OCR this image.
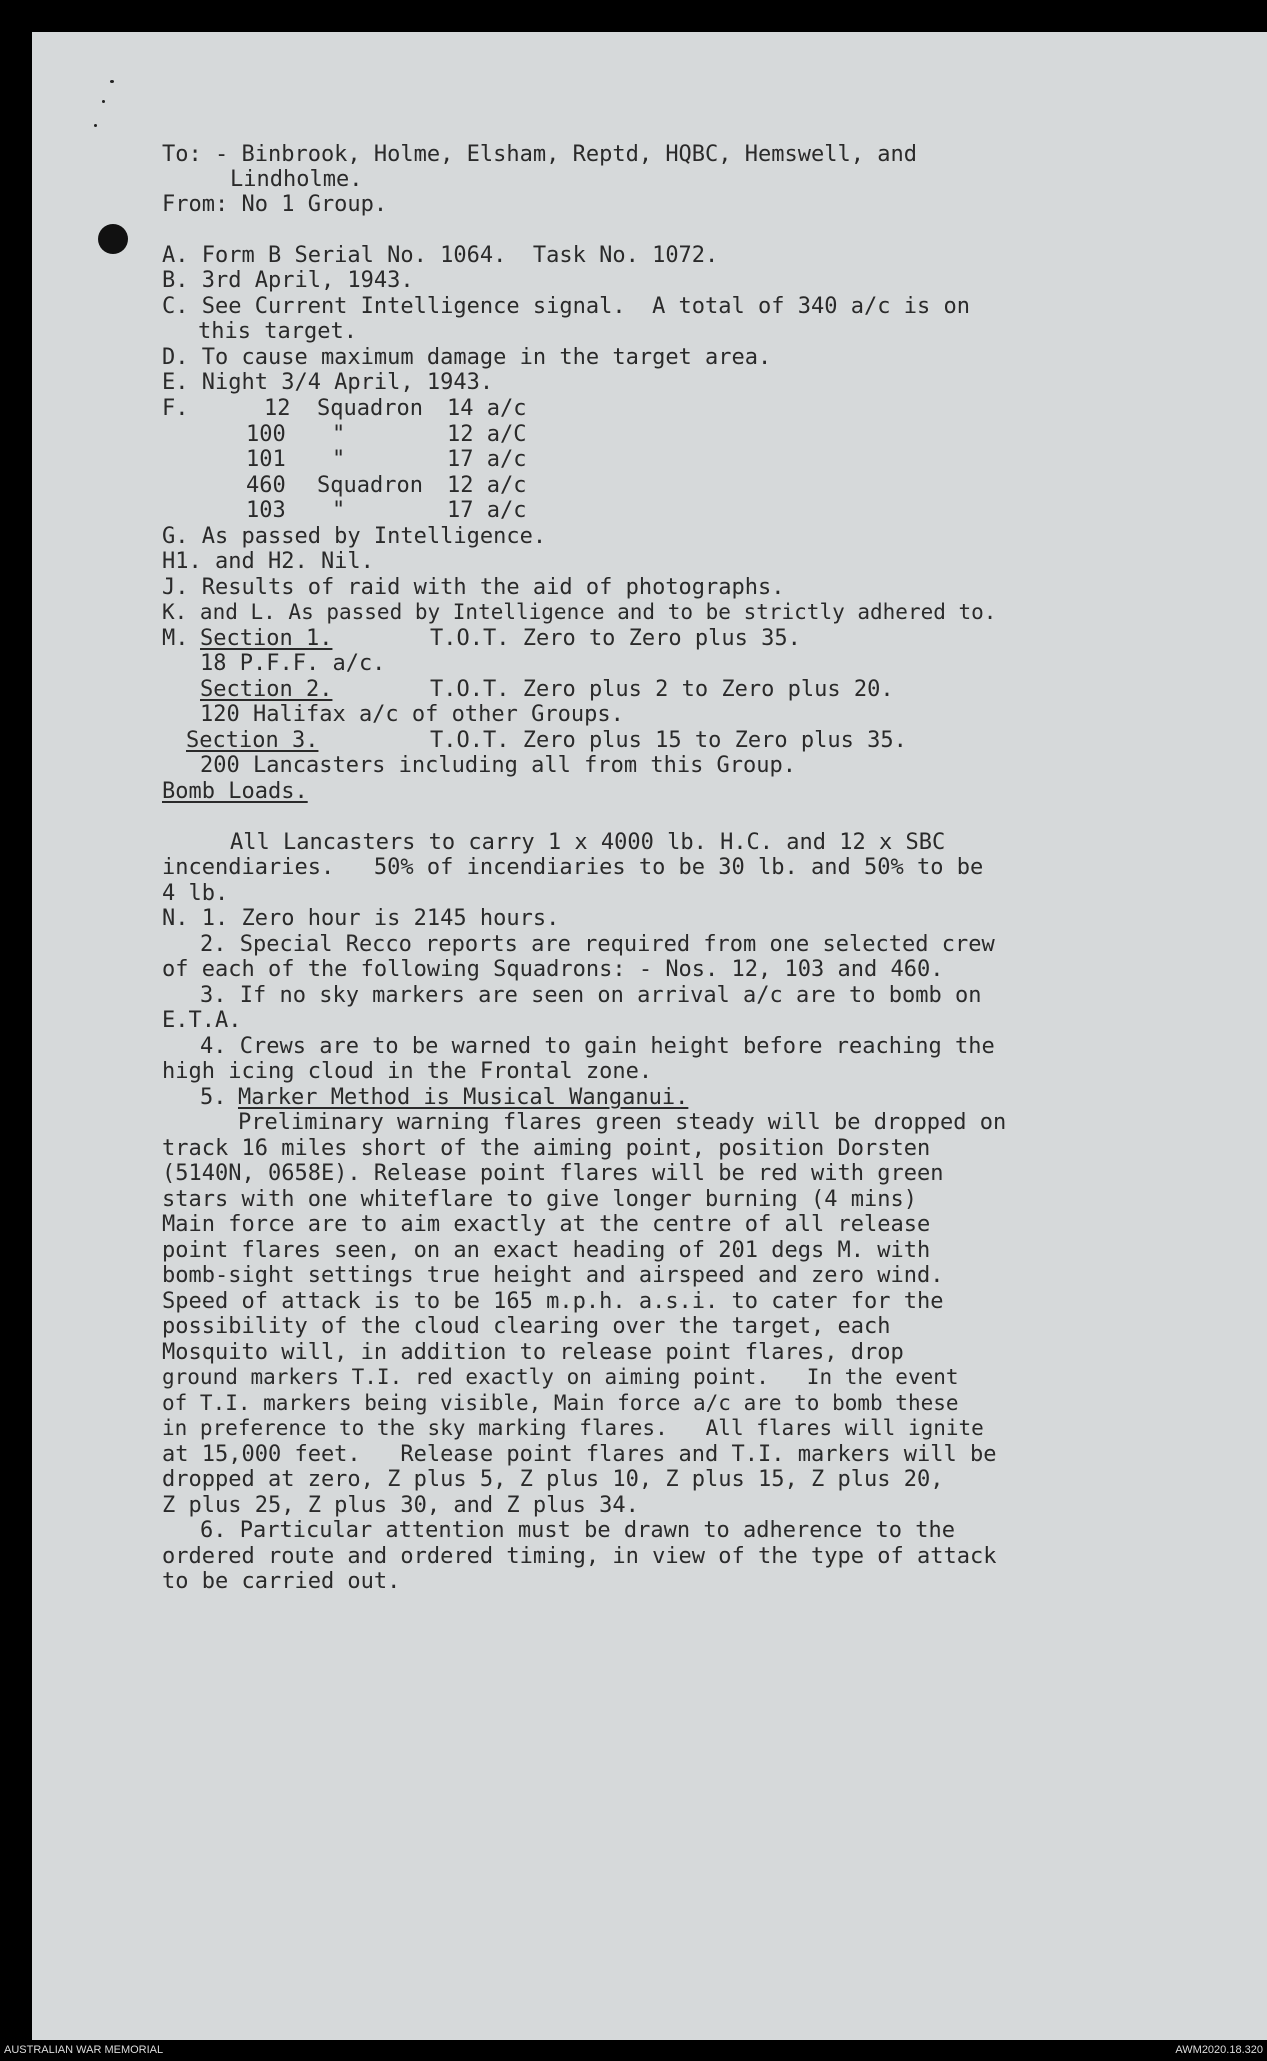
To: - Binbrook, Holme, Elsham, Reptd, HQBC, Hemswell, and
Lindholme.
From: No 1 Group.
A. Form B Serial No. 1064.  Task No. 1072.
B. 3rd April, 1943.
C. See Current Intelligence signal.  A total of 340 a/c is on
this target.
D. To cause maximum damage in the target area.
E. Night 3/4 April, 1943.
F.	12 Squadron 14 a/c
100 "	12 a/C
101 "	17 a/c
460 Squadron 12 a/c
103 "	17 a/c
G. As passed by Intelligence.
H1. and H2. Nil.
J. Results of raid with the aid of photographs.
K. and L. As passed by Intelligence and to be strictly adhered to.
M. Section 1.	T.O.T. Zero to Zero plus 35.
18 P.F.F. a/c.
Section 2.	T.O.T. Zero plus 2 to Zero plus 20.
120 Halifax a/c of other Groups.
Section 3.	T.O.T. Zero plus 15 to Zero plus 35.
200 Lancasters including all from this Group.
Bomb Loads.
All Lancasters to carry 1 x 4000 lb. H.C. and 12 x SBC
incendiaries.   50% of incendiaries to be 30 lb. and 50% to be
4 lb.
N. 1. Zero hour is 2145 hours.
2. Special Recco reports are required from one selected crew
of each of the following Squadrons: - Nos. 12, 103 and 460.
3. If no sky markers are seen on arrival a/c are to bomb on
E.T.A.
4. Crews are to be warned to gain height before reaching the
high icing cloud in the Frontal zone.
5. Marker Method is Musical Wanganui.
Preliminary warning flares green steady will be dropped on
track 16 miles short of the aiming point, position Dorsten
(5140N, 0658E). Release point flares will be red with green
stars with one whiteflare to give longer burning (4 mins)
Main force are to aim exactly at the centre of all release
point flares seen, on an exact heading of 201 degs M. with
bomb-sight settings true height and airspeed and zero wind.
Speed of attack is to be 165 m.p.h. a.s.i. to cater for the
possibility of the cloud clearing over the target, each
Mosquito will, in addition to release point flares, drop
ground markers T.I. red exactly on aiming point.   In the event
of T.I. markers being visible, Main force a/c are to bomb these
in preference to the sky marking flares.   All flares will ignite
at 15,000 feet.   Release point flares and T.I. markers will be
dropped at zero, Z plus 5, Z plus 10, Z plus 15, Z plus 20,
Z plus 25, Z plus 30, and Z plus 34.
6. Particular attention must be drawn to adherence to the
ordered route and ordered timing, in view of the type of attack
to be carried out.
AUSTRALIAN WAR MEMORIAL	AWM2020.18.320
